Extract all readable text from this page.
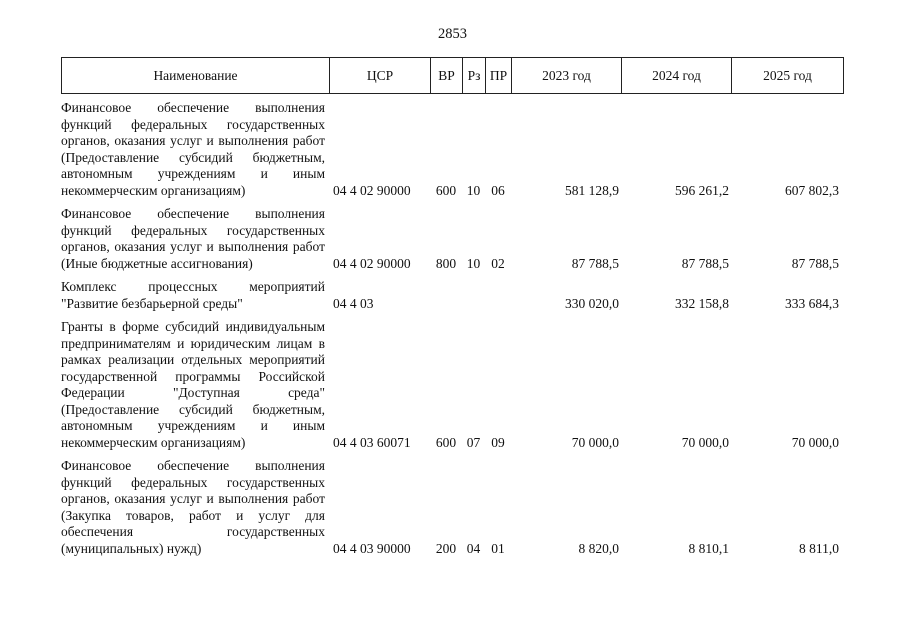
2853
Наименование	ЦСР	ВР	Рз	ПР	2023 год	2024 год	2025 год
Финансовое обеспечение выполнения функций федеральных государственных органов, оказания услуг и выполнения работ (Предоставление субсидий бюджетным, автономным учреждениям и иным некоммерческим организациям)	04 4 02 90000	600	10	06	581 128,9	596 261,2	607 802,3
Финансовое обеспечение выполнения функций федеральных государственных органов, оказания услуг и выполнения работ (Иные бюджетные ассигнования)	04 4 02 90000	800	10	02	87 788,5	87 788,5	87 788,5
Комплекс процессных мероприятий "Развитие безбарьерной среды"	04 4 03				330 020,0	332 158,8	333 684,3
Гранты в форме субсидий индивидуальным предпринимателям и юридическим лицам в рамках реализации отдельных мероприятий государственной программы Российской Федерации "Доступная среда" (Предоставление субсидий бюджетным, автономным учреждениям и иным некоммерческим организациям)	04 4 03 60071	600	07	09	70 000,0	70 000,0	70 000,0
Финансовое обеспечение выполнения функций федеральных государственных органов, оказания услуг и выполнения работ (Закупка товаров, работ и услуг для обеспечения государственных (муниципальных) нужд)	04 4 03 90000	200	04	01	8 820,0	8 810,1	8 811,0
